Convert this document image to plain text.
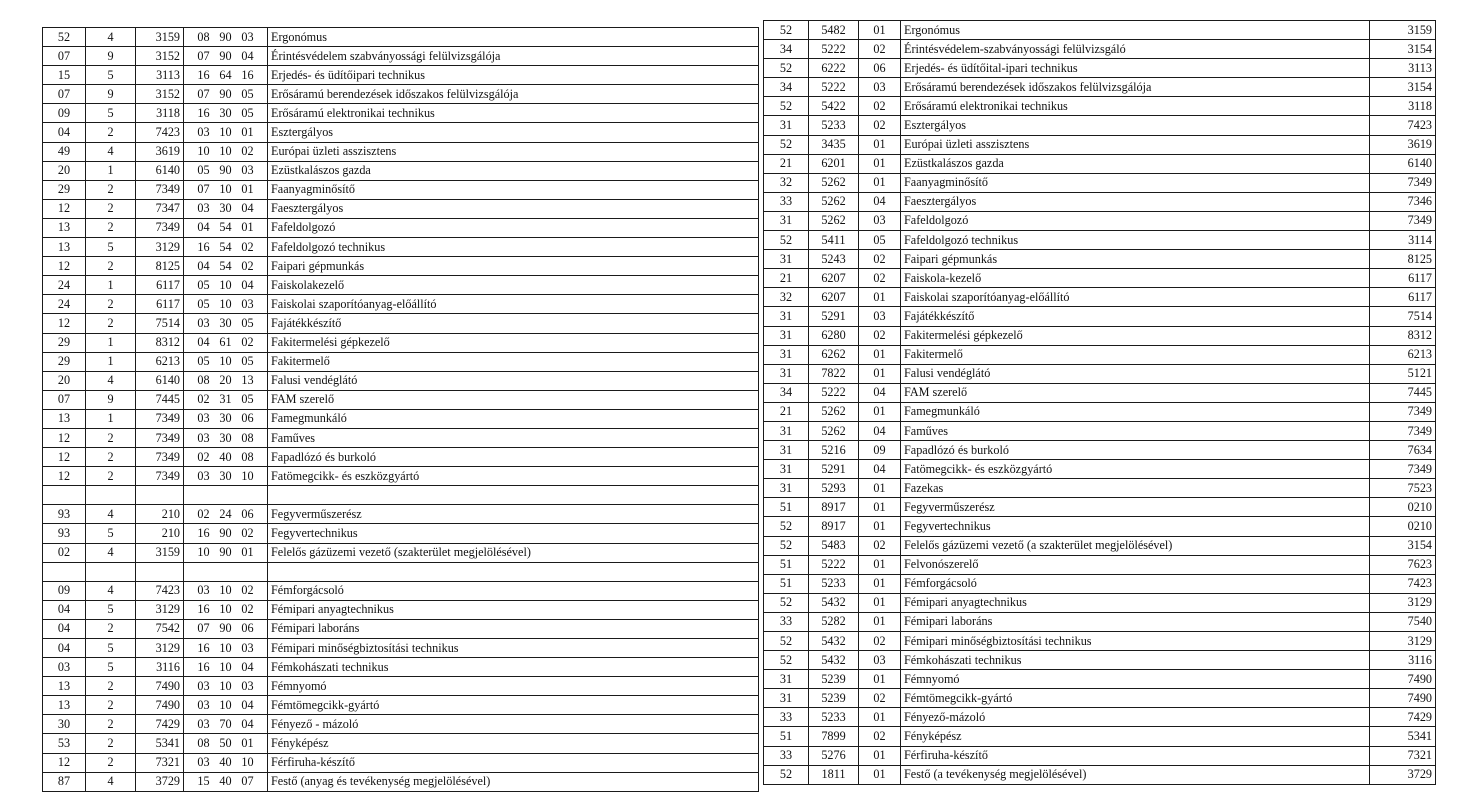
52	4	3159	08 90 03	Ergonómus
07	9	3152	07 90 04	Érintésvédelem szabványossági felülvizsgálója
15	5	3113	16 64 16	Erjedés- és üdítőipari technikus
07	9	3152	07 90 05	Erősáramú berendezések időszakos felülvizsgálója
09	5	3118	16 30 05	Erősáramú elektronikai technikus
04	2	7423	03 10 01	Esztergályos
49	4	3619	10 10 02	Európai üzleti asszisztens
20	1	6140	05 90 03	Ezüstkalászos gazda
29	2	7349	07 10 01	Faanyagminősítő
12	2	7347	03 30 04	Faesztergályos
13	2	7349	04 54 01	Fafeldolgozó
13	5	3129	16 54 02	Fafeldolgozó technikus
12	2	8125	04 54 02	Faipari gépmunkás
24	1	6117	05 10 04	Faiskolakezelő
24	2	6117	05 10 03	Faiskolai szaporítóanyag-előállító
12	2	7514	03 30 05	Fajátékkészítő
29	1	8312	04 61 02	Fakitermelési gépkezelő
29	1	6213	05 10 05	Fakitermelő
20	4	6140	08 20 13	Falusi vendéglátó
07	9	7445	02 31 05	FAM szerelő
13	1	7349	03 30 06	Famegmunkáló
12	2	7349	03 30 08	Faműves
12	2	7349	02 40 08	Fapadlózó és burkoló
12	2	7349	03 30 10	Fatömegcikk- és eszközgyártó

93	4	210	02 24 06	Fegyverműszerész
93	5	210	16 90 02	Fegyvertechnikus
02	4	3159	10 90 01	Felelős gázüzemi vezető (szakterület megjelölésével)

09	4	7423	03 10 02	Fémforgácsoló
04	5	3129	16 10 02	Fémipari anyagtechnikus
04	2	7542	07 90 06	Fémipari laboráns
04	5	3129	16 10 03	Fémipari minőségbiztosítási technikus
03	5	3116	16 10 04	Fémkohászati technikus
13	2	7490	03 10 03	Fémnyomó
13	2	7490	03 10 04	Fémtömegcikk-gyártó
30	2	7429	03 70 04	Fényező - mázoló
53	2	5341	08 50 01	Fényképész
12	2	7321	03 40 10	Férfiruha-készítő
87	4	3729	15 40 07	Festő (anyag és tevékenység megjelölésével)
52	5482	01	Ergonómus	3159
34	5222	02	Érintésvédelem-szabványossági felülvizsgáló	3154
52	6222	06	Erjedés- és üdítőital-ipari technikus	3113
34	5222	03	Erősáramú berendezések időszakos felülvizsgálója	3154
52	5422	02	Erősáramú elektronikai technikus	3118
31	5233	02	Esztergályos	7423
52	3435	01	Európai üzleti asszisztens	3619
21	6201	01	Ezüstkalászos gazda	6140
32	5262	01	Faanyagminősítő	7349
33	5262	04	Faesztergályos	7346
31	5262	03	Fafeldolgozó	7349
52	5411	05	Fafeldolgozó technikus	3114
31	5243	02	Faipari gépmunkás	8125
21	6207	02	Faiskola-kezelő	6117
32	6207	01	Faiskolai szaporítóanyag-előállító	6117
31	5291	03	Fajátékkészítő	7514
31	6280	02	Fakitermelési gépkezelő	8312
31	6262	01	Fakitermelő	6213
31	7822	01	Falusi vendéglátó	5121
34	5222	04	FAM szerelő	7445
21	5262	01	Famegmunkáló	7349
31	5262	04	Faműves	7349
31	5216	09	Fapadlózó és burkoló	7634
31	5291	04	Fatömegcikk- és eszközgyártó	7349
31	5293	01	Fazekas	7523
51	8917	01	Fegyverműszerész	0210
52	8917	01	Fegyvertechnikus	0210
52	5483	02	Felelős gázüzemi vezető (a szakterület megjelölésével)	3154
51	5222	01	Felvonószerelő	7623
51	5233	01	Fémforgácsoló	7423
52	5432	01	Fémipari anyagtechnikus	3129
33	5282	01	Fémipari laboráns	7540
52	5432	02	Fémipari minőségbiztosítási technikus	3129
52	5432	03	Fémkohászati technikus	3116
31	5239	01	Fémnyomó	7490
31	5239	02	Fémtömegcikk-gyártó	7490
33	5233	01	Fényező-mázoló	7429
51	7899	02	Fényképész	5341
33	5276	01	Férfiruha-készítő	7321
52	1811	01	Festő (a tevékenység megjelölésével)	3729
